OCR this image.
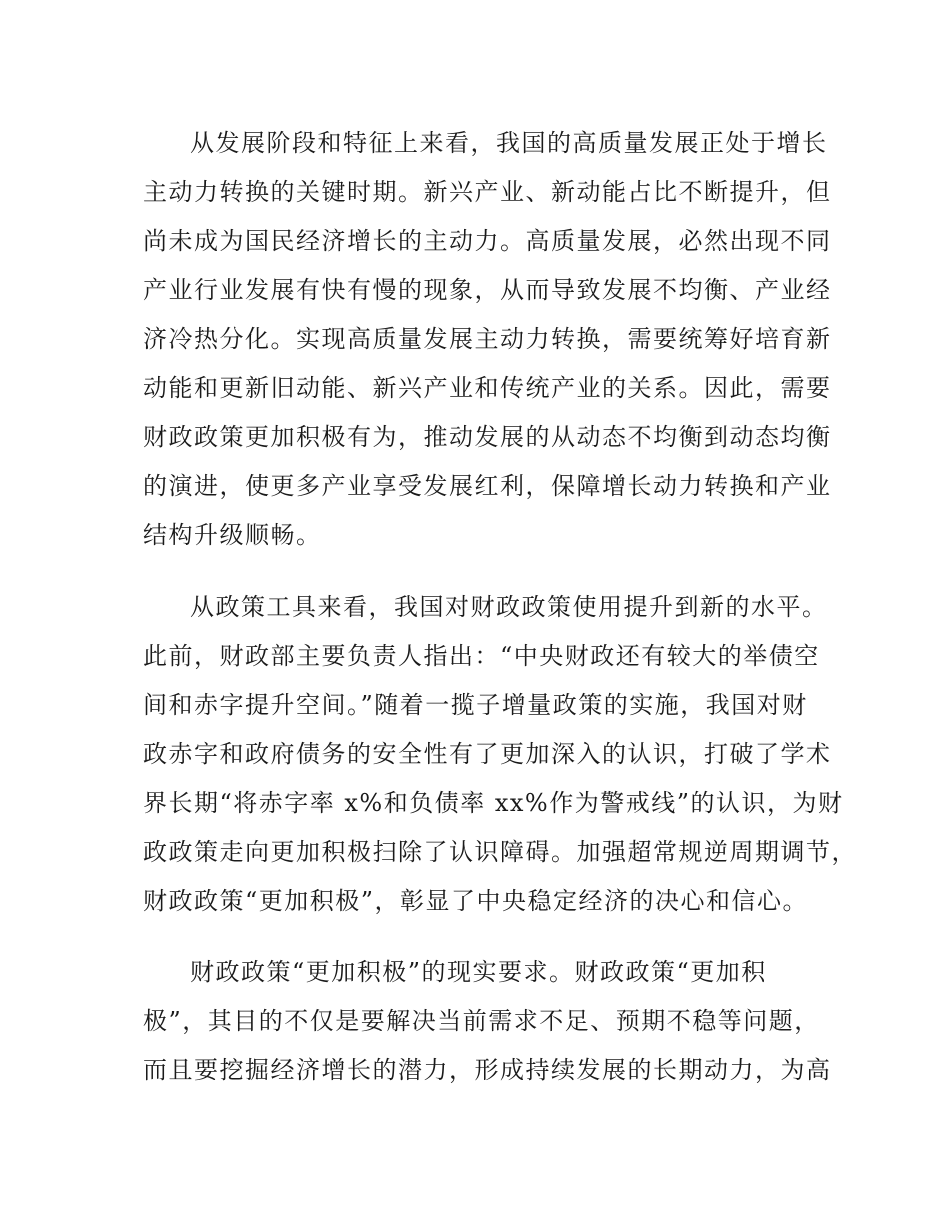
从发展阶段和特征上来看，我国的高质量发展正处于增长

主动力转换的关键时期。新兴产业、新动能占比不断提升，但

尚未成为国民经济增长的主动力。高质量发展，必然出现不同

产业行业发展有快有慢的现象，从而导致发展不均衡、产业经

济冷热分化。实现高质量发展主动力转换，需要统筹好培育新

动能和更新旧动能、新兴产业和传统产业的关系。因此，需要

财政政策更加积极有为，推动发展的从动态不均衡到动态均衡

的演进，使更多产业享受发展红利，保障增长动力转换和产业

结构升级顺畅。

从政策工具来看，我国对财政政策使用提升到新的水平。

此前，财政部主要负责人指出：“中央财政还有较大的举债空

间和赤字提升空间。”随着一揽子增量政策的实施，我国对财

政赤字和政府债务的安全性有了更加深入的认识，打破了学术

界长期“将赤字率 x%和负债率 xx%作为警戒线”的认识，为财

政政策走向更加积极扫除了认识障碍。加强超常规逆周期调节，

财政政策“更加积极”，彰显了中央稳定经济的决心和信心。

财政政策“更加积极”的现实要求。财政政策“更加积

极”，其目的不仅是要解决当前需求不足、预期不稳等问题，

而且要挖掘经济增长的潜力，形成持续发展的长期动力，为高
